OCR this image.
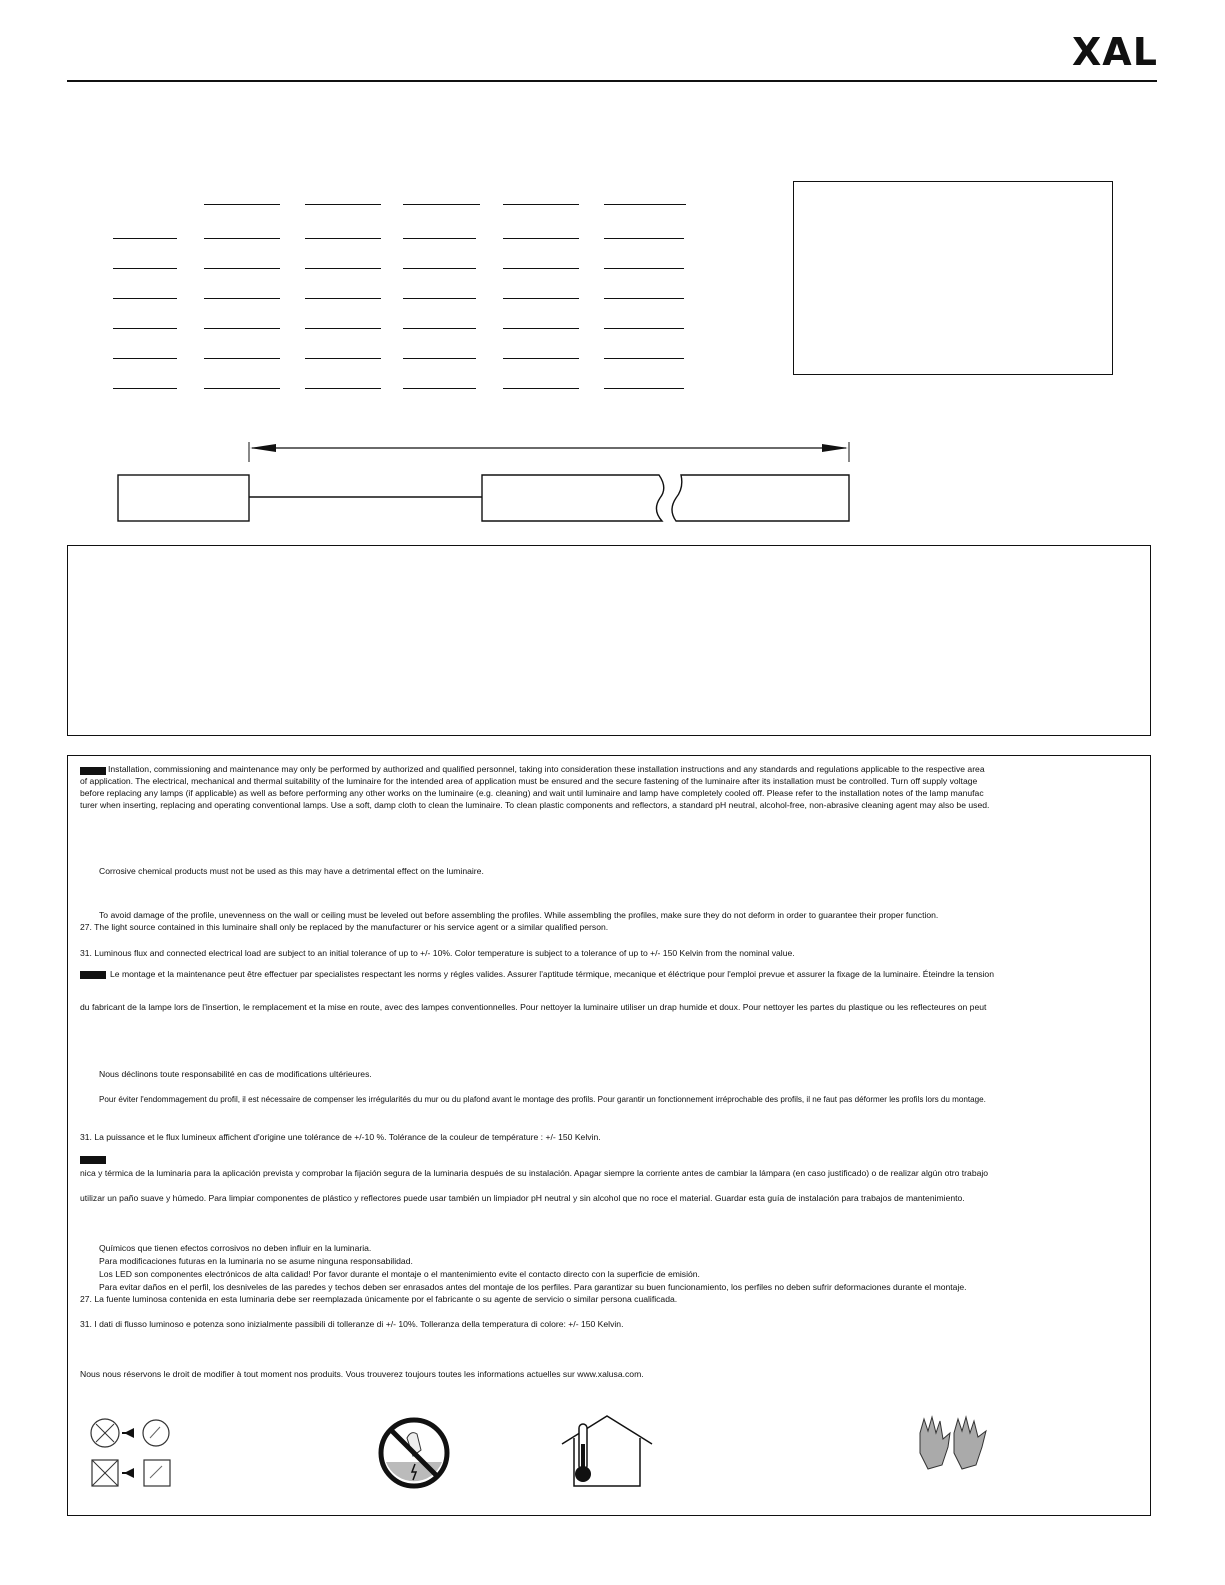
XAL
Installation, commissioning and maintenance may only be performed by authorized and qualified personnel, taking into consideration these installation instructions and any standards and regulations applicable to the respective area
of application. The electrical, mechanical and thermal suitability of the luminaire for the intended area of application must be ensured and the secure fastening of the luminaire after its installation must be controlled. Turn off supply voltage
before replacing any lamps (if applicable) as well as before performing any other works on the luminaire (e.g. cleaning) and wait until luminaire and lamp have completely cooled off. Please refer to the installation notes of the lamp manufac
turer when inserting, replacing and operating conventional lamps. Use a soft, damp cloth to clean the luminaire. To clean plastic components and reflectors, a standard pH neutral, alcohol-free, non-abrasive cleaning agent may also be used.
Corrosive chemical products must not be used as this may have a detrimental effect on the luminaire.
To avoid damage of the profile, unevenness on the wall or ceiling must be leveled out before assembling the profiles. While assembling the profiles, make sure they do not deform in order to guarantee their proper function.
27. The light source contained in this luminaire shall only be replaced by the manufacturer or his service agent or a similar qualified person.
31. Luminous flux and connected electrical load are subject to an initial tolerance of up to +/- 10%. Color temperature is subject to a tolerance of up to +/- 150 Kelvin from the nominal value.
Le montage et la maintenance peut être effectuer par specialistes respectant les norms y régles valides. Assurer l'aptitude térmique, mecanique et éléctrique pour l'emploi prevue et assurer la fixage de la luminaire. Éteindre la tension
du fabricant de la lampe lors de l'insertion, le remplacement et la mise en route, avec des lampes conventionnelles. Pour nettoyer la luminaire utiliser un drap humide et doux. Pour nettoyer les partes du plastique ou les reflecteures on peut
Nous déclinons toute responsabilité en cas de modifications ultérieures.
Pour éviter l'endommagement du profil, il est nécessaire de compenser les irrégularités du mur ou du plafond avant le montage des profils. Pour garantir un fonctionnement irréprochable des profils, il ne faut pas déformer les profils lors du montage.
31. La puissance et le flux lumineux affichent d'origine une tolérance de +/-10 %. Tolérance de la couleur de température : +/- 150 Kelvin.
nica y térmica de la luminaria para la aplicación prevista y comprobar la fijación segura de la luminaria después de su instalación. Apagar siempre la corriente antes de cambiar la lámpara (en caso justificado) o de realizar algún otro trabajo
utilizar un paño suave y húmedo. Para limpiar componentes de plástico y reflectores puede usar también un limpiador pH neutral y sin alcohol que no roce el material. Guardar esta guía de instalación para trabajos de mantenimiento.
Químicos que tienen efectos corrosivos no deben influir en la luminaria.
Para modificaciones futuras en la luminaria no se asume ninguna responsabilidad.
Los LED son componentes electrónicos de alta calidad! Por favor durante el montaje o el mantenimiento evite el contacto directo con la superficie de emisión.
Para evitar daños en el perfil, los desniveles de las paredes y techos deben ser enrasados antes del montaje de los perfiles. Para garantizar su buen funcionamiento, los perfiles no deben sufrir deformaciones durante el montaje.
27. La fuente luminosa contenida en esta luminaria debe ser reemplazada únicamente por el fabricante o su agente de servicio o similar persona cualificada.
31. I dati di flusso luminoso e potenza sono inizialmente passibili di tolleranze di +/- 10%. Tolleranza della temperatura di colore: +/- 150 Kelvin.
Nous nous réservons le droit de modifier à tout moment nos produits. Vous trouverez toujours toutes les informations actuelles sur www.xalusa.com.
